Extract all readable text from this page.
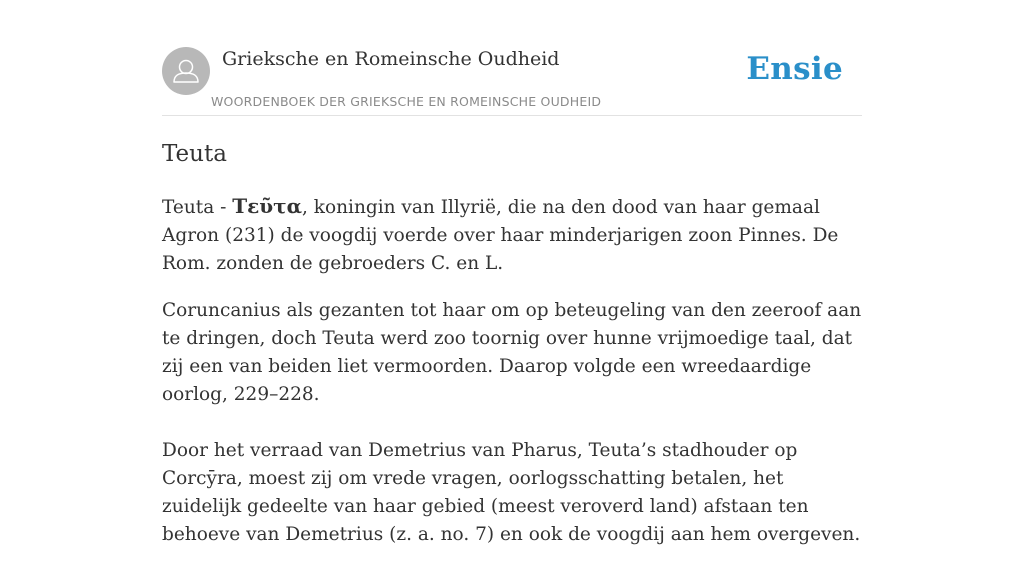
Grieksche en Romeinsche Oudheid
WOORDENBOEK DER GRIEKSCHE EN ROMEINSCHE OUDHEID
Ensie
Teuta

Teuta - Τεῦτα, koningin van Illyrië, die na den dood van haar gemaal Agron (231) de voogdij voerde over haar minderjarigen zoon Pinnes. De Rom. zonden de gebroeders C. en L.

Coruncanius als gezanten tot haar om op beteugeling van den zeeroof aan te dringen, doch Teuta werd zoo toornig over hunne vrijmoedige taal, dat zij een van beiden liet vermoorden. Daarop volgde een wreedaardige oorlog, 229–228.

Door het verraad van Demetrius van Pharus, Teuta’s stadhouder op Corcȳra, moest zij om vrede vragen, oorlogsschatting betalen, het zuidelijk gedeelte van haar gebied (meest veroverd land) afstaan ten behoeve van Demetrius (z. a. no. 7) en ook de voogdij aan hem overgeven.
